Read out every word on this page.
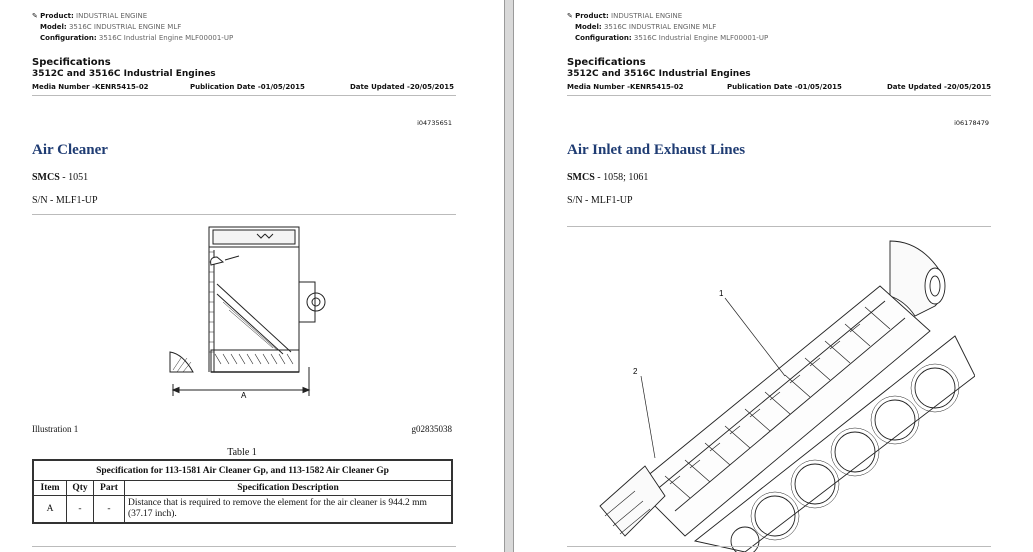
✎ Product: INDUSTRIAL ENGINE
Model: 3516C INDUSTRIAL ENGINE MLF
Configuration: 3516C Industrial Engine MLF00001-UP
Specifications
3512C and 3516C Industrial Engines
Media Number -KENR5415-02	Publication Date -01/05/2015	Date Updated -20/05/2015
i04735651
Air Cleaner
SMCS - 1051
S/N - MLF1-UP
A
Illustration 1	g02835038
Table 1
Specification for 113-1581 Air Cleaner Gp, and 113-1582 Air Cleaner Gp			
Item	Qty	Part	Specification Description
A	-	-	Distance that is required to remove the element for the air cleaner is 944.2 mm (37.17 inch).
✎ Product: INDUSTRIAL ENGINE
Model: 3516C INDUSTRIAL ENGINE MLF
Configuration: 3516C Industrial Engine MLF00001-UP
Specifications
3512C and 3516C Industrial Engines
Media Number -KENR5415-02	Publication Date -01/05/2015	Date Updated -20/05/2015
i06178479
Air Inlet and Exhaust Lines
SMCS - 1058; 1061
S/N - MLF1-UP
2
1
